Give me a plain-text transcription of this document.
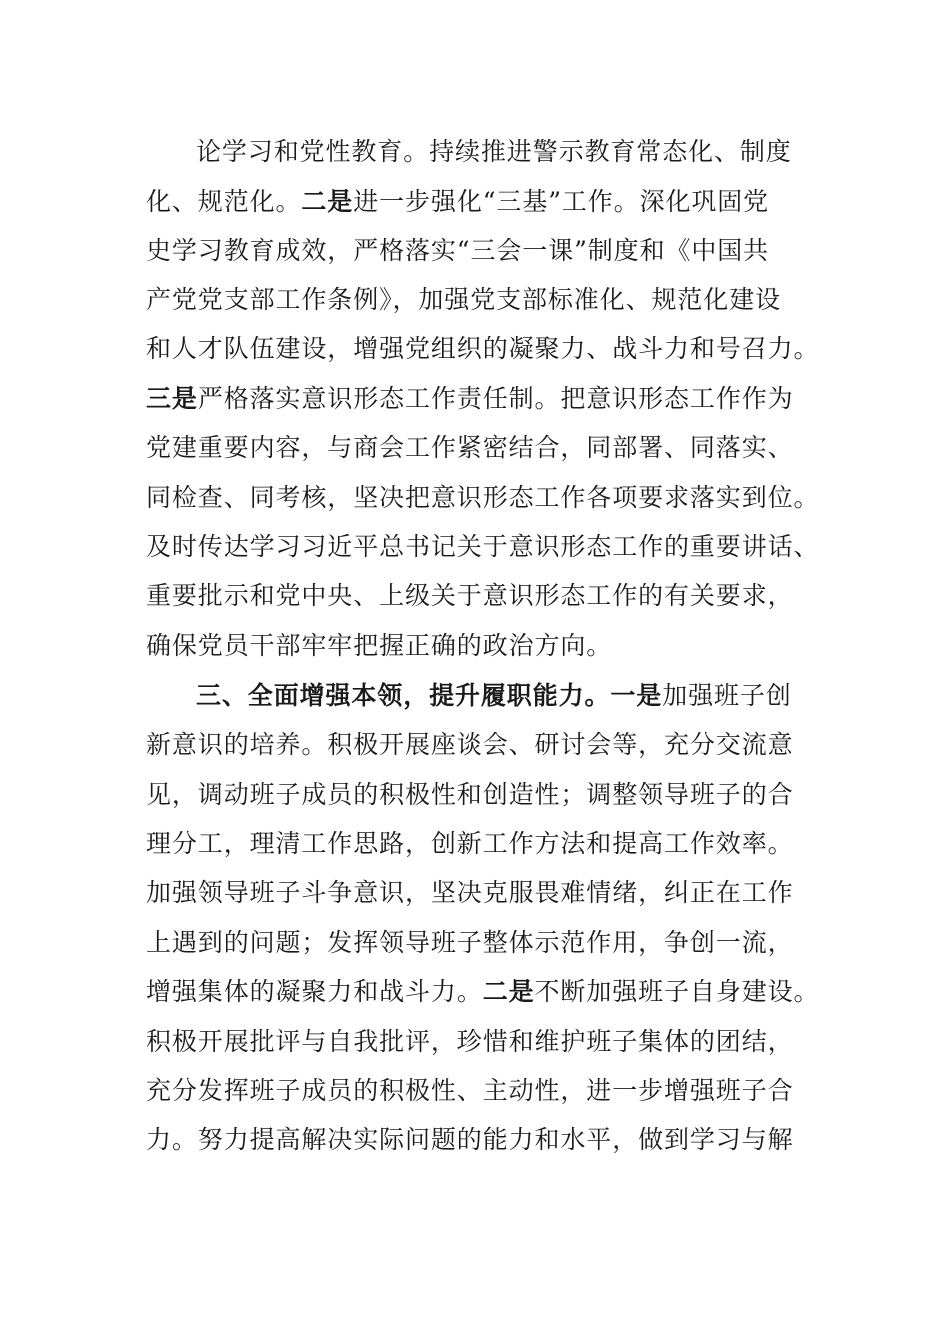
论学习和党性教育。持续推进警示教育常态化、制度
化、规范化。二是进一步强化“三基”工作。深化巩固党
史学习教育成效，严格落实“三会一课”制度和《中国共
产党党支部工作条例》，加强党支部标准化、规范化建设
和人才队伍建设，增强党组织的凝聚力、战斗力和号召力。
三是严格落实意识形态工作责任制。把意识形态工作作为
党建重要内容，与商会工作紧密结合，同部署、同落实、
同检查、同考核，坚决把意识形态工作各项要求落实到位。
及时传达学习习近平总书记关于意识形态工作的重要讲话、
重要批示和党中央、上级关于意识形态工作的有关要求，
确保党员干部牢牢把握正确的政治方向。
三、全面增强本领，提升履职能力。一是加强班子创
新意识的培养。积极开展座谈会、研讨会等，充分交流意
见，调动班子成员的积极性和创造性；调整领导班子的合
理分工，理清工作思路，创新工作方法和提高工作效率。
加强领导班子斗争意识，坚决克服畏难情绪，纠正在工作
上遇到的问题；发挥领导班子整体示范作用，争创一流，
增强集体的凝聚力和战斗力。二是不断加强班子自身建设。
积极开展批评与自我批评，珍惜和维护班子集体的团结，
充分发挥班子成员的积极性、主动性，进一步增强班子合
力。努力提高解决实际问题的能力和水平，做到学习与解
